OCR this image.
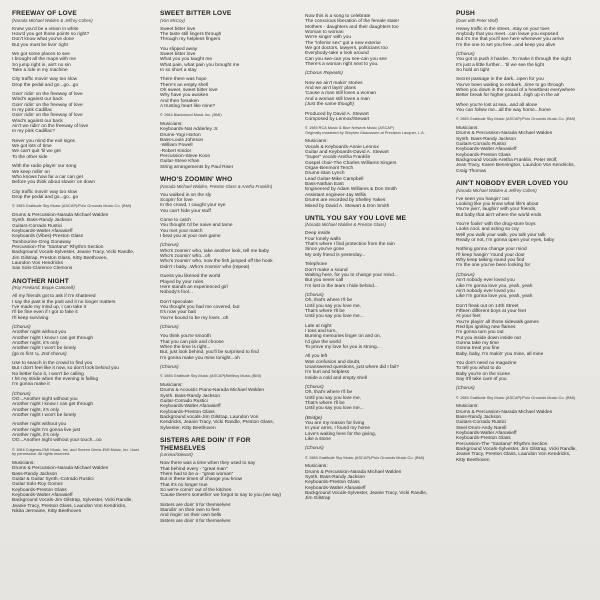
FREEWAY OF LOVE
(Narada Michael Walden & Jeffrey Cohen)
Knew you'd be a vision in white
How'd you get those points so right?
Don't know what you've done
But you must be livin' right
We got some places to see
I brought all the maps with me
So jump right in, ain't no sin
Take a ride in my machine
City traffic movin' way too slow
Drop the pedal and go...go...go
Goin' ridin' on the freeway of love
Wind's against our back
Goin' ridin' on the freeway of love
In my pink Cadillac
Goin' ridin' on the freeway of love
Wind's against our back
Ain't we ridin' on the freeway of love
In my pink Cadillac?
Never you mind the exit signs
We got lots of time
We can't quit 'til we get
To the other side
With the radio playin' our song
We keep rollin' on
Who knows how far a car can get
Before you think about slowin' on down
City traffic movin' way too slow
Drop the pedal and go...go...go
© 1985 Gratitude Sky Music (ASCAP)/Polo Grounds Music Co. (BMI)
Drums & Percussion-Narada Michael Walden
Synth. Bass-Randy Jackson
Guitars-Corrado Rustici
Keyboards-Walter Afanasieff
Keyboards (Vibes)-Preston Glass
Tambourine-Greg Gonaway
Percussion-The "Santana" Rhythm Section
Background Vocals-Sylvester, Jeanie Tracy, Vicki Randle,
Jim Gilstrap, Preston Glass, Kitty Beethoven,
Laundon Von Hendricks
Sax Solo-Clarence Clemons
ANOTHER NIGHT
(Roy Freeland, Beppe Cantorelli)
All my friends got to ask if I'm shattered
I say the past is the past and it no longer matters
I've made my mind up, I can take it
I'll be fine even if I got to fake it
I'll keep surviving
(Chorus)
Another night without you
Another night I know I can get through
Another night, it's only
Another night I won't be lonely
(go to first ¼, 2nd chorus)
Use to search in the crowd to find you
But I don't feel like it now, so don't look behind you
No better face it, I won't be calling
I hit my stride when the evening is falling
I'm gonna make it
(Chorus)
OO...Another night without you
Another night I know I can get through
Another night, it's only
Another night I won't be lonely
Another night without you
Another night I'm gonna live just
Another night, it's only
OO...Another night without your touch...oo
© 1984 Colgems-EMI Music, Inc. and Screen Gems-EMI Music, Inc. Used
by permission. All rights reserved.
Musicians:
Drums & Percussion-Narada Michael Walden
Bass-Randy Jackson
Guitar & Guitar Synth.-Corrado Rustici
Guitar Solo-Roy Gomez
Keyboards-Preston Glass
Keyboards-Walter Afanasieff
Background Vocals-Jim Gilstrap, Sylvester, Vicki Randle,
Jeanie Tracy, Preston Glass, Laundon Von Kendricks,
Nikita Jermaine, Kitty Beethoven
SWEET BITTER LOVE
(Van McCoy)
Sweet bitter love
The taste still lingers through
Through my helpless fingers
You slipped away
Sweet bitter love
What you you taught me
What pain, what pain you brought me
In so short a stay
There there was hope
There's an empty shell
Oh sweet, sweet bitter love
Why have you awoken
And then forsaken
A trusting heart like mine?
© 1964 Blackwood Music Inc. (BMI)
Musicians:
Keyboards-Nat Adderley Jr.
Drums-Yogi Horton
Bass-Louis Johnson
-William Powell
-Robert Kindor
Percussion-Steve Koon
Guitar-Steve Khan
String arrangements by Paul Riser
WHO'S ZOOMIN' WHO
(Narada Michael Walden, Preston Glass & Aretha Franklin)
You walked in on the sly
Scopin' for love
In the crowd, I caught your eye
You can't hide your stuff
Come to catch
You thought I'd be naive and tame
You met your match
I beat you at your own game
(Chorus)
Who's zoomin' who, take another look, tell me baby
Who's zoomin' who...oh
Who's zoomin' who, now the fish jumped off the hook
Didn't I baby...Who's zoomin' who (repeat)
Guess you likened the world
Played by your rules
Here stands an experienced girl
Nobody's fool...
Don't speculate
You thought you had me covered, but
It's now your bait
You're bound to be my lover...oh
(Chorus)
You think you're smooth
That you can pick and choose
When the time is right...
But, just look behind, you'll be surprised to find
I'm gonna make you mine tonight...oh
(Chorus)
© 1985 Gratitude Sky Music (ASCAP)/Bellboy Music (BMI)
Musicians:
Drums & Acoustic Piano-Narada Michael Walden
Synth. Bass-Randy Jackson
Guitar-Corrado Rustici
Keyboards-Walter Afanasieff
Keyboards-Preston Glass
Background vocals-Jim Gilstrap, Laundon Von
Kendricks, Jeanie Tracy, Vicki Randle, Preston Glass,
Sylvester, Kitty Beethoven
SISTERS ARE DOIN' IT FOR THEMSELVES
(Lennox/Stewart)
Now there was a time when they used to say
That behind every - "great man"
There had to be a - "great woman"
But in these times of change you know
That it's no longer true
So we're comin' out of the kitchen
'Cause there's somethin' we forgot to say to you (we say)
Sisters are doin' it for themselves
Standin' on their own to feet
And ringin' on their own bells
Sisters are doin' it for themselves
Now this is a song to celebrate
The conscious liberation of the female state!
Mothers - daughters and their daughters too
Woman to woman
We're singin' with you
The "inferior sex" got a new exterior
We got doctors, lawyers, politicians too
Everybody-take a look around
Can you see-can you see-can you see
There's a woman right next to you.
(Chorus Repeats)
Now we ain't makin' stories
And we ain't layin' plans
'Cause a man still loves a woman
And a woman still loves a man
(Just the same though)
Produced by David A. Stewart
Composed by Lennox/Stewart
© 1985 RCA Music & Blue Network Music (ASCAP)
Originally mastered by Stephen Marcussen at Precision Lacquer, L.A.
Musicians:
Vocals & Keyboards-Annie Lennox
Guitar and Keyboards-David A. Stewart
"Super" vocals-Aretha Franklin
Gospel choir-The Charles Williams Singers
Organ-Benmont Tench
Drums-Stan Lynch
Lead Guitar-Mike Campbell
Bass-Nathan East
Engineered by Adam Williams & Don Smith
Assistant engineer-Jay Willis
Drums are recorded by Shelley Yakes
Mixed by David A. Stewart & Don Smith
UNTIL YOU SAY YOU LOVE ME
(Narada Michael Walden & Preston Glass)
Deep inside
Four lonely walls
That's where I find protection from the rain
Since you've gone
My only friend is yesterday...
Telephone
Don't make a sound
Waiting here, for you to change your mind...
But you never call
I'm lost in the tears I hide behind...
(Chorus)
Oh, that's where I'll be
Until you say you love me,
That's where I'll be
Until you say you love me...
Late at night
I toss and turn,
Burning memories linger on and on,
I'd give the world
To prove my love for you is strong...
All you left
Was confusion and doubt,
Unanswered questions, just where did I fail?
I'm hurt and helpless
Inside a cold and empty shell
(Chorus)
Oh, that's where I'll be
Until you say you love me,
That's where I'll be
Until you say you love me...
(Bridge)
You are my reason for living
In your arms, I found my home
Love's waiting here for the giving,
Like a stone
(Chorus)
© 1985 Gratitude Sky Music (ASCAP)/Polo Grounds Music Co. (BMI)
Musicians:
Drums & Percussion-Narada Michael Walden
Synth. Bass-Randy Jackson
Keyboards-Preston Glass
Keyboards-Walter Afanasieff
Background Vocals-Sylvester, Jeanie Tracy, Vicki Randle,
Jim Gilstrap
PUSH
(Duet with Peter Wolf)
Heavy traffic in the street...stay on your toes
Anybody that you meet...can leave you exposed
But it's me that you'll see here whenever you arrive
I'm the one to set you free...and keep you alive
(Chorus)
You got to push it harder...To make it through the night
It's just a little further... 'til we see the light
So hold on tight
Secret passage in the dark...open for you
You've been waiting to embark...time to go through
When you down in the sound of a heartbeat everywhere
Better break for higher ground...high up in the air
When you're lost at sea...and all alone
You can follow me...all the way home...home
© 1985 Gratitude Sky Music (ASCAP)/Polo Grounds Music Co. (BMI)
Musicians:
Drums & Percussion-Narada Michael Walden
Synth. Bass-Randy Jackson
Guitars-Corrado Rustici
Keyboards-Walter Afanasieff
Keyboards-Preston Glass
Background Vocals-Aretha Franklin, Peter Wolf,
Jean Tracy, Karen Bennington, Laundon Von Kendricks,
Craig Thomas
AIN'T NOBODY EVER LOVED YOU
(Narada Michael Walden & Jeffrey Cohen)
I've seen you hangin' out
Looking like you know what life's about
You're jivin', laughin' with your friends,
But baby that ain't where the world ends
You're foolin' with the drug-store boys
Looks cool, and acting so coy
Well you walk your walk, you talk your talk
Ready or not, I'm gonna open your eyes, baby
Nothing gonna change your mind
I'll keep hangin' 'round your door
Why keep talking round you find
I'm the one you've been looking for
(Chorus)
Ain't nobody ever loved you
Like I'm gonna love you, yeah, yeah
Ain't nobody ever loved you
Like I'm gonna love you, yeah, yeah
Don't freak out on 14th Street
Fifteen different boys at your feet
At your feet
You're playin' all those sidewalk games
Red lips igniting new flames
I'm gonna turn you out
Put you inside down inside out
Gonna take my time
Gonna treat you fine
Baby, baby, I'm makin' you mine, all mine
You don't need no magazine
To tell you what to do
Baby you're on the scene
Say it'll take care of you
(Chorus)
© 1985 Gratitude Sky Music (ASCAP)/Polo Grounds Music Co. (BMI)
Musicians:
Drums & Percussion-Narada Michael Walden
Bass-Randy Jackson
Guitars-Corrado Rustici
Steel Drum-Andy Narell
Keyboards-Walter Afanasieff
Keyboards-Preston Glass
Percussion-The "Santana" Rhythm Section
Background Vocals-Sylvester, Jim Gilstrap, Vicki Randle,
Jeanie Tracy, Preston Glass, Laundon Von Kendricks,
Kitty Beethoven
